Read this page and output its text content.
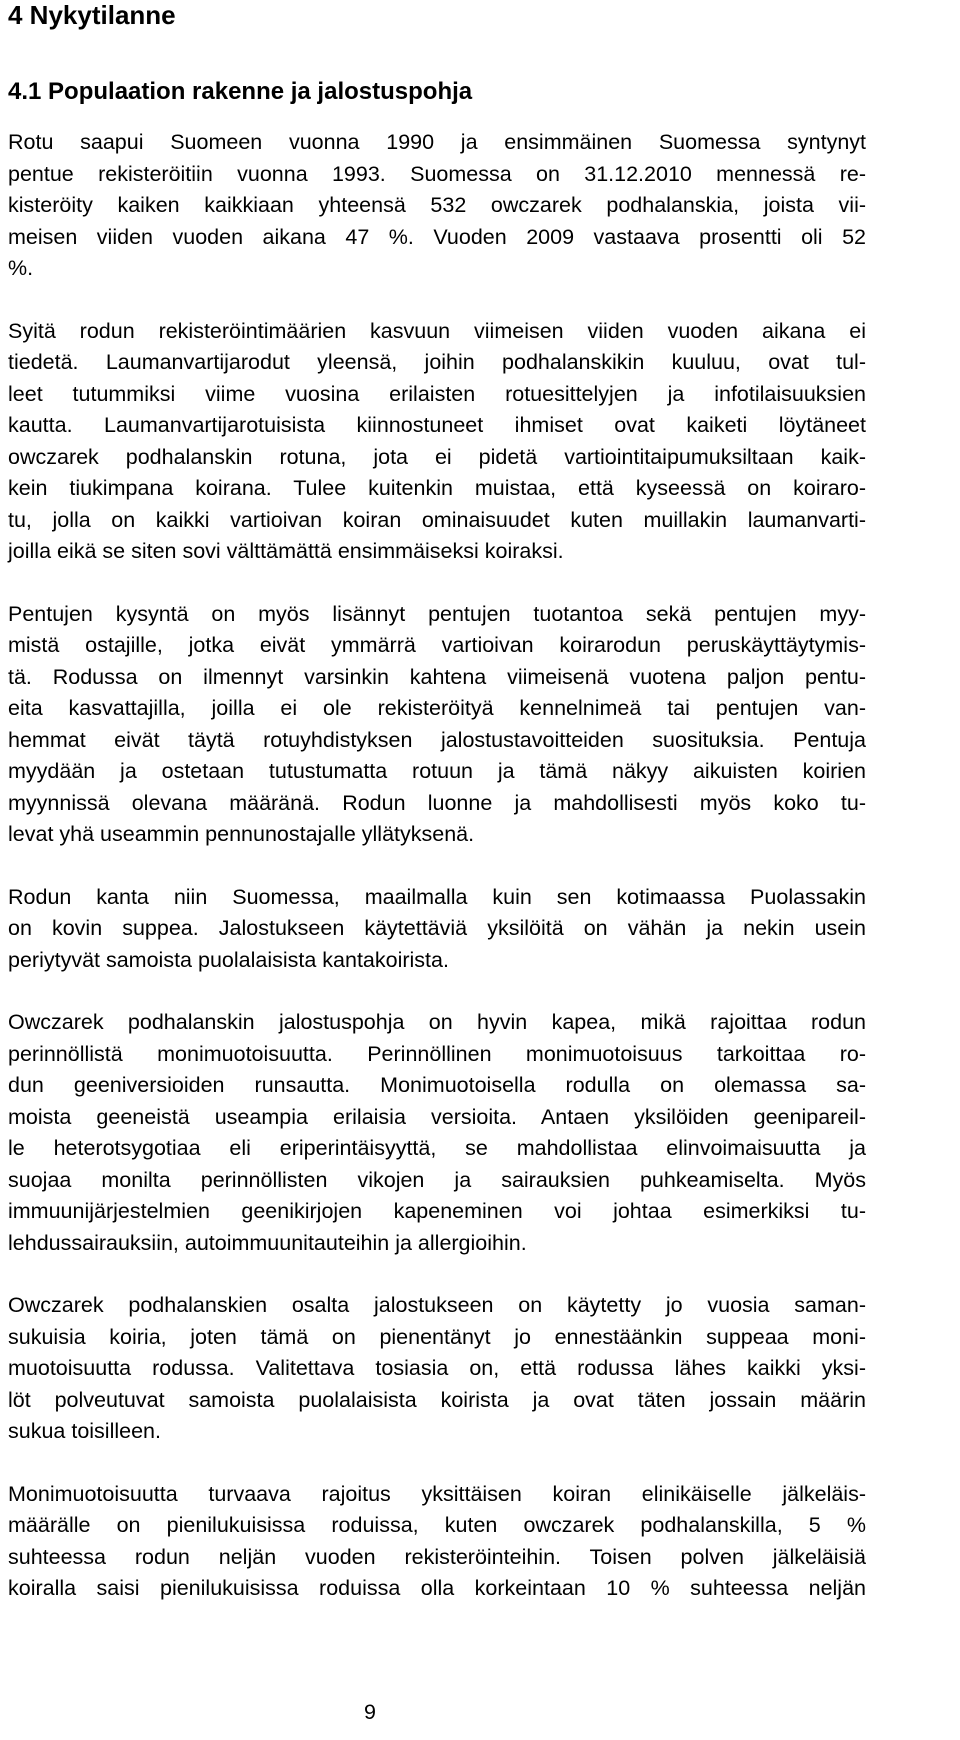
4 Nykytilanne
4.1 Populaation rakenne ja jalostuspohja
Rotu saapui Suomeen vuonna 1990 ja ensimmäinen Suomessa syntynyt
pentue rekisteröitiin vuonna 1993. Suomessa on 31.12.2010 mennessä re-
kisteröity kaiken kaikkiaan yhteensä 532 owczarek podhalanskia, joista vii-
meisen viiden vuoden aikana 47 %. Vuoden 2009 vastaava prosentti oli 52
%.
Syitä rodun rekisteröintimäärien kasvuun viimeisen viiden vuoden aikana ei
tiedetä. Laumanvartijarodut yleensä, joihin podhalanskikin kuuluu, ovat tul-
leet tutummiksi viime vuosina erilaisten rotuesittelyjen ja infotilaisuuksien
kautta. Laumanvartijarotuisista kiinnostuneet ihmiset ovat kaiketi löytäneet
owczarek podhalanskin rotuna, jota ei pidetä vartiointitaipumuksiltaan kaik-
kein tiukimpana koirana. Tulee kuitenkin muistaa, että kyseessä on koiraro-
tu, jolla on kaikki vartioivan koiran ominaisuudet kuten muillakin laumanvarti-
joilla eikä se siten sovi välttämättä ensimmäiseksi koiraksi.
Pentujen kysyntä on myös lisännyt pentujen tuotantoa sekä pentujen myy-
mistä ostajille, jotka eivät ymmärrä vartioivan koirarodun peruskäyttäytymis-
tä. Rodussa on ilmennyt varsinkin kahtena viimeisenä vuotena paljon pentu-
eita kasvattajilla, joilla ei ole rekisteröityä kennelnimeä tai pentujen van-
hemmat eivät täytä rotuyhdistyksen jalostustavoitteiden suosituksia. Pentuja
myydään ja ostetaan tutustumatta rotuun ja tämä näkyy aikuisten koirien
myynnissä olevana määränä. Rodun luonne ja mahdollisesti myös koko tu-
levat yhä useammin pennunostajalle yllätyksenä.
Rodun kanta niin Suomessa, maailmalla kuin sen kotimaassa Puolassakin
on kovin suppea. Jalostukseen käytettäviä yksilöitä on vähän ja nekin usein
periytyvät samoista puolalaisista kantakoirista.
Owczarek podhalanskin jalostuspohja on hyvin kapea, mikä rajoittaa rodun
perinnöllistä monimuotoisuutta. Perinnöllinen monimuotoisuus tarkoittaa ro-
dun geeniversioiden runsautta. Monimuotoisella rodulla on olemassa sa-
moista geeneistä useampia erilaisia versioita. Antaen yksilöiden geenipareil-
le heterotsygotiaa eli eriperintäisyyttä, se mahdollistaa elinvoimaisuutta ja
suojaa monilta perinnöllisten vikojen ja sairauksien puhkeamiselta. Myös
immuunijärjestelmien geenikirjojen kapeneminen voi johtaa esimerkiksi tu-
lehdussairauksiin, autoimmuunitauteihin ja allergioihin.
Owczarek podhalanskien osalta jalostukseen on käytetty jo vuosia saman-
sukuisia koiria, joten tämä on pienentänyt jo ennestäänkin suppeaa moni-
muotoisuutta rodussa. Valitettava tosiasia on, että rodussa lähes kaikki yksi-
löt polveutuvat samoista puolalaisista koirista ja ovat täten jossain määrin
sukua toisilleen.
Monimuotoisuutta turvaava rajoitus yksittäisen koiran elinikäiselle jälkeläis-
määrälle on pienilukuisissa roduissa, kuten owczarek podhalanskilla, 5 %
suhteessa rodun neljän vuoden rekisteröinteihin. Toisen polven jälkeläisiä
koiralla saisi pienilukuisissa roduissa olla korkeintaan 10 % suhteessa neljän
9
